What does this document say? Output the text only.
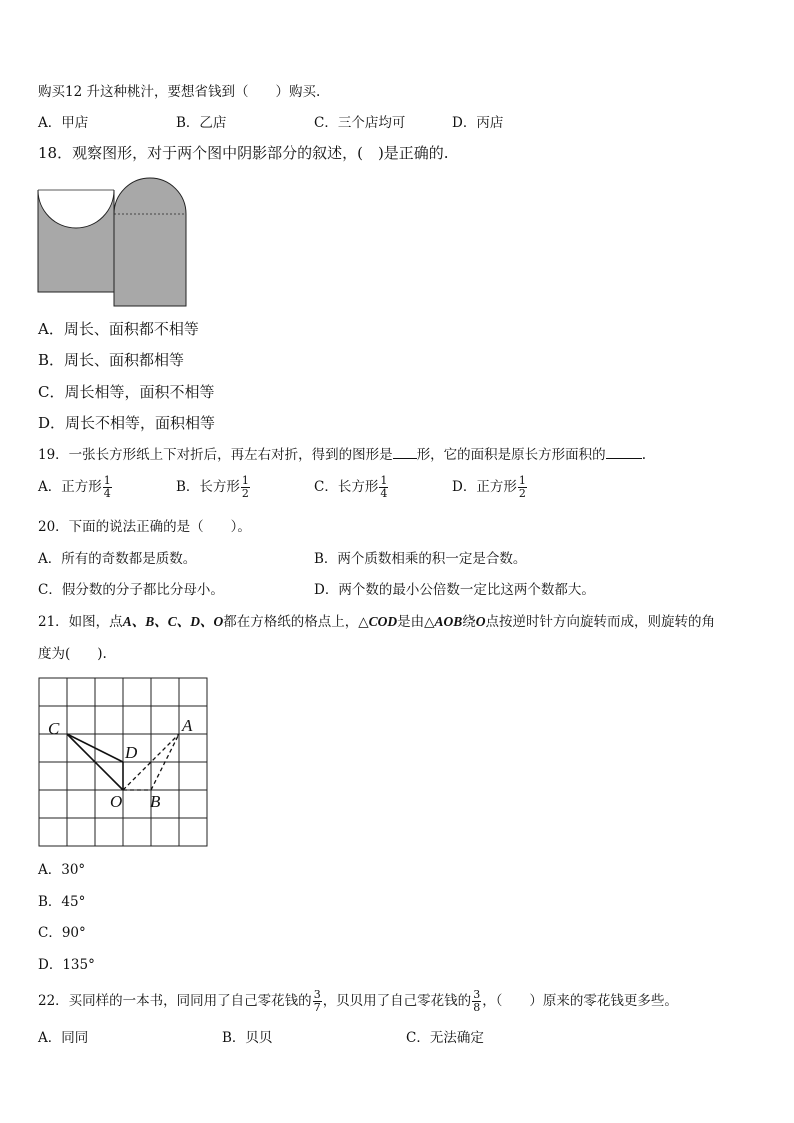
购买12 升这种桃汁，要想省钱到（　　）购买.
A．甲店	B．乙店	C．三个店均可	D．丙店
18．观察图形，对于两个图中阴影部分的叙述，(　)是正确的.
A．周长、面积都不相等
B．周长、面积都相等
C．周长相等，面积不相等
D．周长不相等，面积相等
19．一张长方形纸上下对折后，再左右对折，得到的图形是 形，它的面积是原长方形面积的	.
A．正方形 $\frac{1}{4}$	B．长方形 $\frac{1}{2}$	C．长方形 $\frac{1}{4}$	D．正方形 $\frac{1}{2}$
20．下面的说法正确的是（　　）。
A．所有的奇数都是质数。	B．两个质数相乘的积一定是合数。
C．假分数的分子都比分母小。	D．两个数的最小公倍数一定比这两个数都大。
21．如图，点A、B、C、D、O都在方格纸的格点上，△COD是由△AOB绕O点按逆时针方向旋转而成，则旋转的角
度为(　　).
C
D
A
O B
A．30°
B．45°
C．90°
D．135°
22．买同样的一本书，同同用了自己零花钱的 $\frac{3}{7}$ ，贝贝用了自己零花钱的 $\frac{3}{8}$ ，（　　）原来的零花钱更多些。
A．同同	B．贝贝	C．无法确定
